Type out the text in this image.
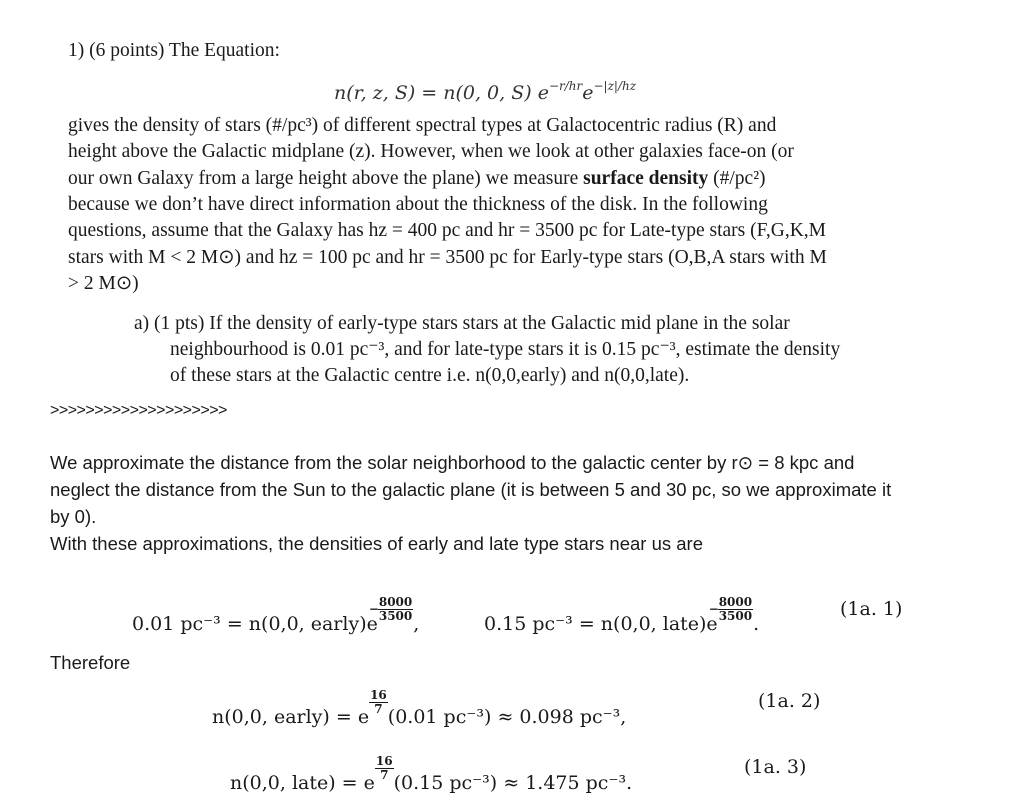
1) (6 points) The Equation:
n(r, z, S) = n(0, 0, S) $e^{-r/hr}e^{-|z|/hz}$
gives the density of stars (#/pc³) of different spectral types at Galactocentric radius (R) and
height above the Galactic midplane (z). However, when we look at other galaxies face-on (or
our own Galaxy from a large height above the plane) we measure surface density (#/pc²)
because we don’t have direct information about the thickness of the disk. In the following
questions, assume that the Galaxy has hz = 400 pc and hr = 3500 pc for Late-type stars (F,G,K,M
stars with M < 2 M⊙) and hz = 100 pc and hr = 3500 pc for Early-type stars (O,B,A stars with M
> 2 M⊙)
a) (1 pts) If the density of early-type stars stars at the Galactic mid plane in the solar
neighbourhood is 0.01 pc⁻³, and for late-type stars it is 0.15 pc⁻³, estimate the density
of these stars at the Galactic centre i.e. n(0,0,early) and n(0,0,late).
>>>>>>>>>>>>>>>>>>>>
We approximate the distance from the solar neighborhood to the galactic center by r⊙ = 8 kpc and
neglect the distance from the Sun to the galactic plane (it is between 5 and 30 pc, so we approximate it
by 0).
With these approximations, the densities of early and late type stars near us are
0.01 pc⁻³ = n(0,0, early)e
− 8000
3500 ,	0.15 pc⁻³ = n(0,0, late)e
− 8000
3500 .
(1a. 1)
Therefore
n(0,0, early) = e
$\frac{16}{7}$
(0.01 pc⁻³) ≈ 0.098 pc⁻³,
(1a. 2)
n(0,0, late) = e
$\frac{16}{7}$
(0.15 pc⁻³) ≈ 1.475 pc⁻³.
(1a. 3)
